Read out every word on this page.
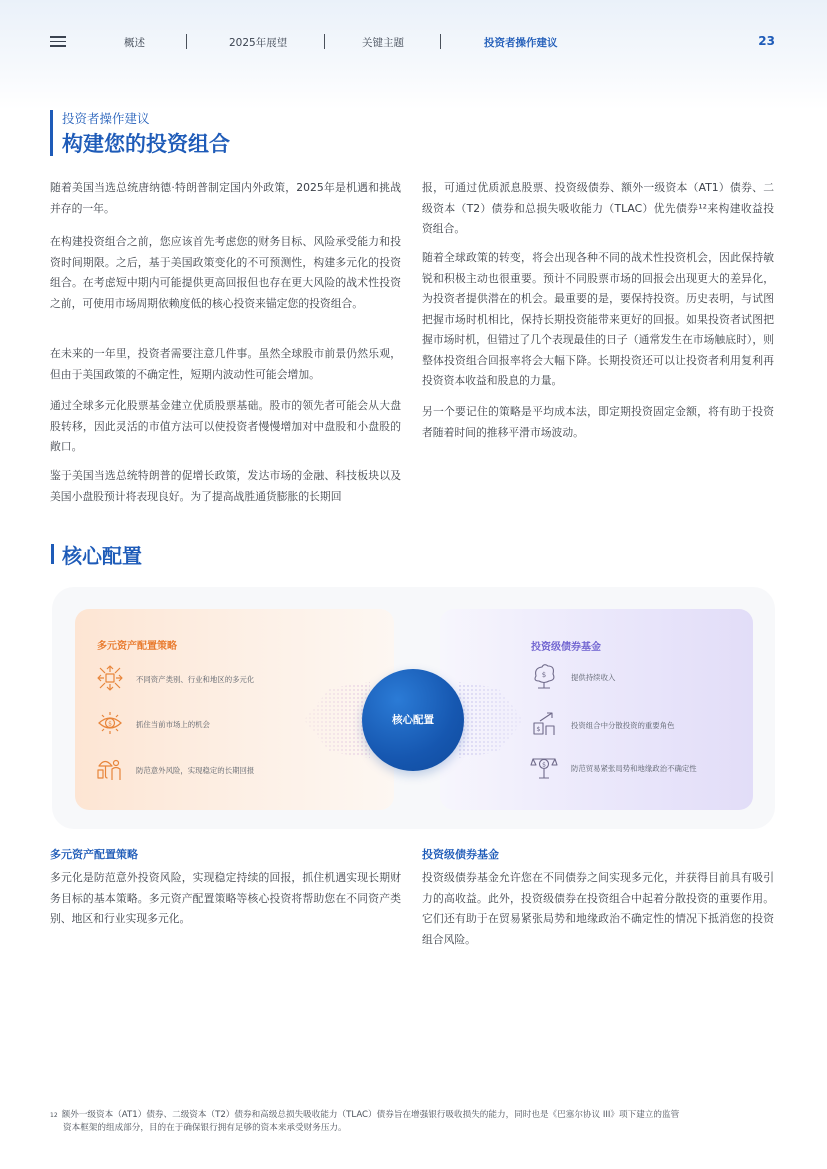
概述	2025年展望	关键主题	投资者操作建议	23
投资者操作建议
构建您的投资组合

随着美国当选总统唐纳德·特朗普制定国内外政策，2025年是机遇和挑战并存的一年。

在构建投资组合之前，您应该首先考虑您的财务目标、风险承受能力和投资时间期限。之后，基于美国政策变化的不可预测性，构建多元化的投资组合。在考虑短中期内可能提供更高回报但也存在更大风险的战术性投资之前，可使用市场周期依赖度低的核心投资来锚定您的投资组合。

在未来的一年里，投资者需要注意几件事。虽然全球股市前景仍然乐观，但由于美国政策的不确定性，短期内波动性可能会增加。

通过全球多元化股票基金建立优质股票基础。股市的领先者可能会从大盘股转移，因此灵活的市值方法可以使投资者慢慢增加对中盘股和小盘股的敞口。

鉴于美国当选总统特朗普的促增长政策，发达市场的金融、科技板块以及美国小盘股预计将表现良好。为了提高战胜通货膨胀的长期回

报，可通过优质派息股票、投资级债券、额外一级资本（AT1）债券、二级资本（T2）债券和总损失吸收能力（TLAC）优先债券¹²来构建收益投资组合。

随着全球政策的转变，将会出现各种不同的战术性投资机会，因此保持敏锐和积极主动也很重要。预计不同股票市场的回报会出现更大的差异化，为投资者提供潜在的机会。最重要的是，要保持投资。历史表明，与试图把握市场时机相比，保持长期投资能带来更好的回报。如果投资者试图把握市场时机，但错过了几个表现最佳的日子（通常发生在市场触底时），则整体投资组合回报率将会大幅下降。长期投资还可以让投资者利用复利再投资资本收益和股息的力量。

另一个要记住的策略是平均成本法，即定期投资固定金额，将有助于投资者随着时间的推移平滑市场波动。

核心配置
核心配置
多元资产配置策略
不同资产类别、行业和地区的多元化
$	抓住当前市场上的机会
防范意外风险，实现稳定的长期回报
投资级债券基金
$	提供持续收入
$	投资组合中分散投资的重要角色
$	防范贸易紧张局势和地缘政治不确定性
多元资产配置策略

多元化是防范意外投资风险，实现稳定持续的回报，抓住机遇实现长期财务目标的基本策略。多元资产配置策略等核心投资将帮助您在不同资产类别、地区和行业实现多元化。

投资级债券基金

投资级债券基金允许您在不同债券之间实现多元化，并获得目前具有吸引力的高收益。此外，投资级债券在投资组合中起着分散投资的重要作用。它们还有助于在贸易紧张局势和地缘政治不确定性的情况下抵消您的投资组合风险。

$^{12}$ 额外一级资本（AT1）债券、二级资本（T2）债券和高级总损失吸收能力（TLAC）债券旨在增强银行吸收损失的能力，同时也是《巴塞尔协议 III》项下建立的监管
资本框架的组成部分，目的在于确保银行拥有足够的资本来承受财务压力。
